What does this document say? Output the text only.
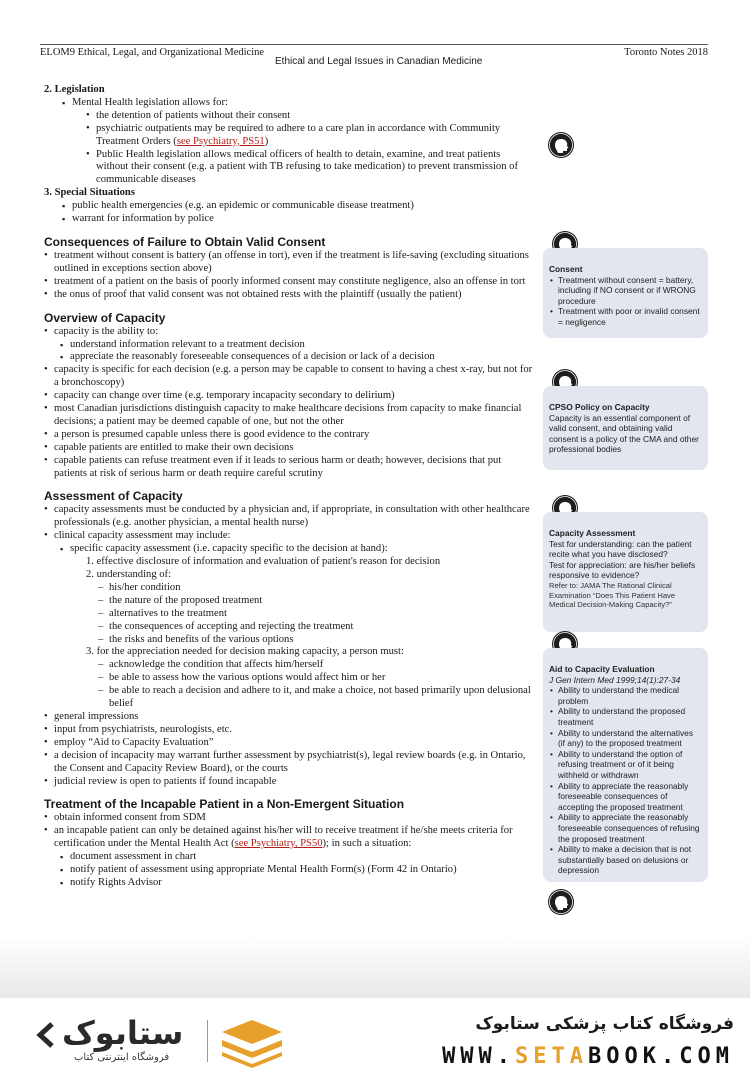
ELOM9 Ethical, Legal, and Organizational Medicine
Ethical and Legal Issues in Canadian Medicine
Toronto Notes 2018
2. Legislation
▪ Mental Health legislation allows for:
• the detention of patients without their consent
• psychiatric outpatients may be required to adhere to a care plan in accordance with Community Treatment Orders (see Psychiatry, PS51)
• Public Health legislation allows medical officers of health to detain, examine, and treat patients without their consent (e.g. a patient with TB refusing to take medication) to prevent transmission of communicable diseases
3. Special Situations
▪ public health emergencies (e.g. an epidemic or communicable disease treatment)
▪ warrant for information by police
Consequences of Failure to Obtain Valid Consent
• treatment without consent is battery (an offense in tort), even if the treatment is life-saving (excluding situations outlined in exceptions section above)
• treatment of a patient on the basis of poorly informed consent may constitute negligence, also an offense in tort
• the onus of proof that valid consent was not obtained rests with the plaintiff (usually the patient)
Overview of Capacity
• capacity is the ability to:
▪ understand information relevant to a treatment decision
▪ appreciate the reasonably foreseeable consequences of a decision or lack of a decision
• capacity is specific for each decision (e.g. a person may be capable to consent to having a chest x-ray, but not for a bronchoscopy)
• capacity can change over time (e.g. temporary incapacity secondary to delirium)
• most Canadian jurisdictions distinguish capacity to make healthcare decisions from capacity to make financial decisions; a patient may be deemed capable of one, but not the other
• a person is presumed capable unless there is good evidence to the contrary
• capable patients are entitled to make their own decisions
• capable patients can refuse treatment even if it leads to serious harm or death; however, decisions that put patients at risk of serious harm or death require careful scrutiny
Assessment of Capacity
• capacity assessments must be conducted by a physician and, if appropriate, in consultation with other healthcare professionals (e.g. another physician, a mental health nurse)
• clinical capacity assessment may include:
▪ specific capacity assessment (i.e. capacity specific to the decision at hand):
1. effective disclosure of information and evaluation of patient's reason for decision
2. understanding of:
– his/her condition
– the nature of the proposed treatment
– alternatives to the treatment
– the consequences of accepting and rejecting the treatment
– the risks and benefits of the various options
3. for the appreciation needed for decision making capacity, a person must:
– acknowledge the condition that affects him/herself
– be able to assess how the various options would affect him or her
– be able to reach a decision and adhere to it, and make a choice, not based primarily upon delusional belief
• general impressions
• input from psychiatrists, neurologists, etc.
• employ “Aid to Capacity Evaluation”
• a decision of incapacity may warrant further assessment by psychiatrist(s), legal review boards (e.g. in Ontario, the Consent and Capacity Review Board), or the courts
• judicial review is open to patients if found incapable
Treatment of the Incapable Patient in a Non-Emergent Situation
• obtain informed consent from SDM
• an incapable patient can only be detained against his/her will to receive treatment if he/she meets criteria for certification under the Mental Health Act (see Psychiatry, PS50); in such a situation:
▪ document assessment in chart
▪ notify patient of assessment using appropriate Mental Health Form(s) (Form 42 in Ontario)
▪ notify Rights Advisor
Consent
• Treatment without consent = battery, including if NO consent or if WRONG procedure
• Treatment with poor or invalid consent = negligence
CPSO Policy on Capacity
Capacity is an essential component of valid consent, and obtaining valid consent is a policy of the CMA and other professional bodies
Capacity Assessment
Test for understanding: can the patient recite what you have disclosed?
Test for appreciation: are his/her beliefs responsive to evidence?
Refer to: JAMA The Rational Clinical Examination “Does This Patient Have Medical Decision-Making Capacity?”
Aid to Capacity Evaluation
J Gen Intern Med 1999;14(1):27-34
• Ability to understand the medical problem
• Ability to understand the proposed treatment
• Ability to understand the alternatives (if any) to the proposed treatment
• Ability to understand the option of refusing treatment or of it being withheld or withdrawn
• Ability to appreciate the reasonably foreseeable consequences of accepting the proposed treatment
• Ability to appreciate the reasonably foreseeable consequences of refusing the proposed treatment
• Ability to make a decision that is not substantially based on delusions or depression
ستابوک
فروشگاه اینترنتی کتاب
فروشگاه کتاب پزشکی ستابوک
WWW.SETABOOK.COM
